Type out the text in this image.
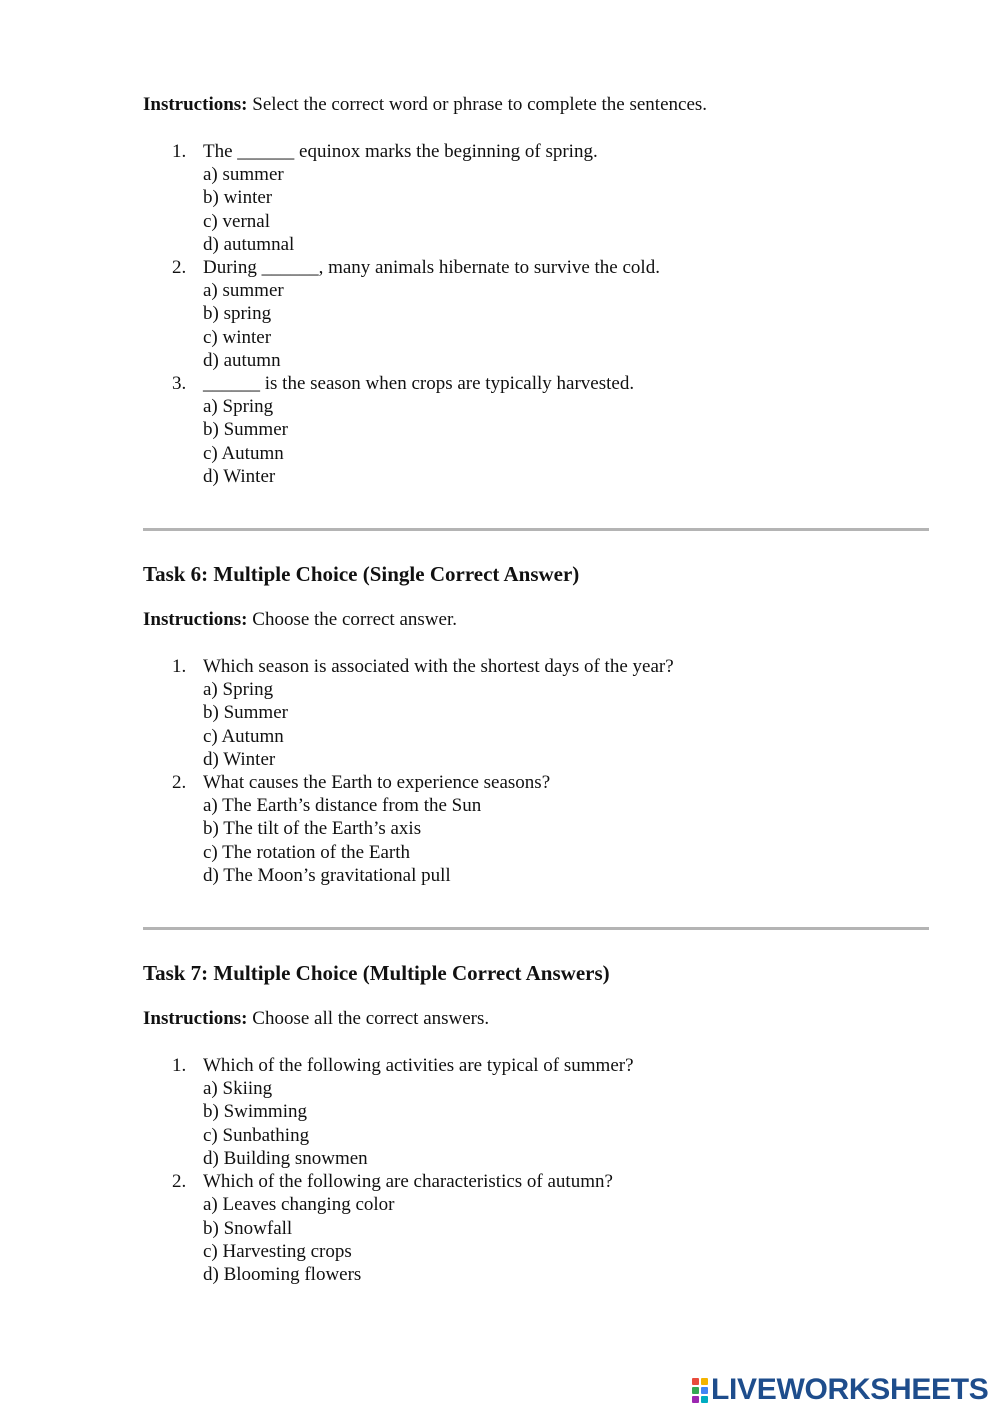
Instructions: Select the correct word or phrase to complete the sentences.

1. The ______ equinox marks the beginning of spring.
a) summer
b) winter
c) vernal
d) autumnal
2. During ______, many animals hibernate to survive the cold.
a) summer
b) spring
c) winter
d) autumn
3. ______ is the season when crops are typically harvested.
a) Spring
b) Summer
c) Autumn
d) Winter
Task 6: Multiple Choice (Single Correct Answer)

Instructions: Choose the correct answer.

1. Which season is associated with the shortest days of the year?
a) Spring
b) Summer
c) Autumn
d) Winter
2. What causes the Earth to experience seasons?
a) The Earth’s distance from the Sun
b) The tilt of the Earth’s axis
c) The rotation of the Earth
d) The Moon’s gravitational pull
Task 7: Multiple Choice (Multiple Correct Answers)

Instructions: Choose all the correct answers.

1. Which of the following activities are typical of summer?
a) Skiing
b) Swimming
c) Sunbathing
d) Building snowmen
2. Which of the following are characteristics of autumn?
a) Leaves changing color
b) Snowfall
c) Harvesting crops
d) Blooming flowers
LIVEWORKSHEETS
